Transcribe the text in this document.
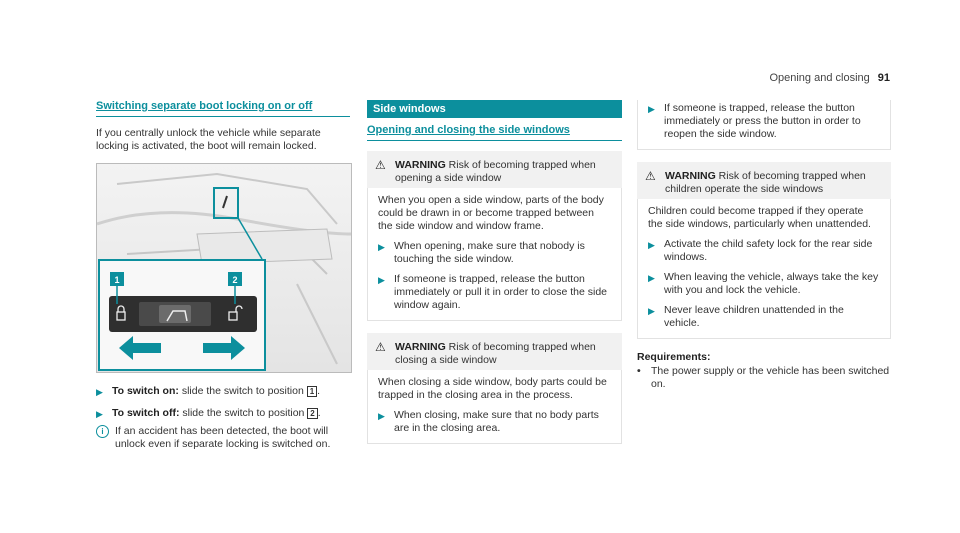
Opening and closing 91
Switching separate boot locking on or off

If you centrally unlock the vehicle while separate locking is activated, the boot will remain locked.

1	2
▶ To switch on: slide the switch to position 1 .
▶ To switch off: slide the switch to position 2 .
i	If an accident has been detected, the boot will unlock even if separate locking is switched on.
Side windows
Opening and closing the side windows
⚠ WARNING Risk of becoming trapped when opening a side window

When you open a side window, parts of the body could be drawn in or become trapped between the side window and window frame.

▶ When opening, make sure that nobody is touching the side window.
▶ If someone is trapped, release the button immediately or pull it in order to close the side window again.
⚠ WARNING Risk of becoming trapped when closing a side window

When closing a side window, body parts could be trapped in the closing area in the process.

▶ When closing, make sure that no body parts are in the closing area.
▶ If someone is trapped, release the button immediately or press the button in order to reopen the side window.
⚠ WARNING Risk of becoming trapped when children operate the side windows

Children could become trapped if they operate the side windows, particularly when unattended.

▶ Activate the child safety lock for the rear side windows.
▶ When leaving the vehicle, always take the key with you and lock the vehicle.
▶ Never leave children unattended in the vehicle.
Requirements:
• The power supply or the vehicle has been switched on.
